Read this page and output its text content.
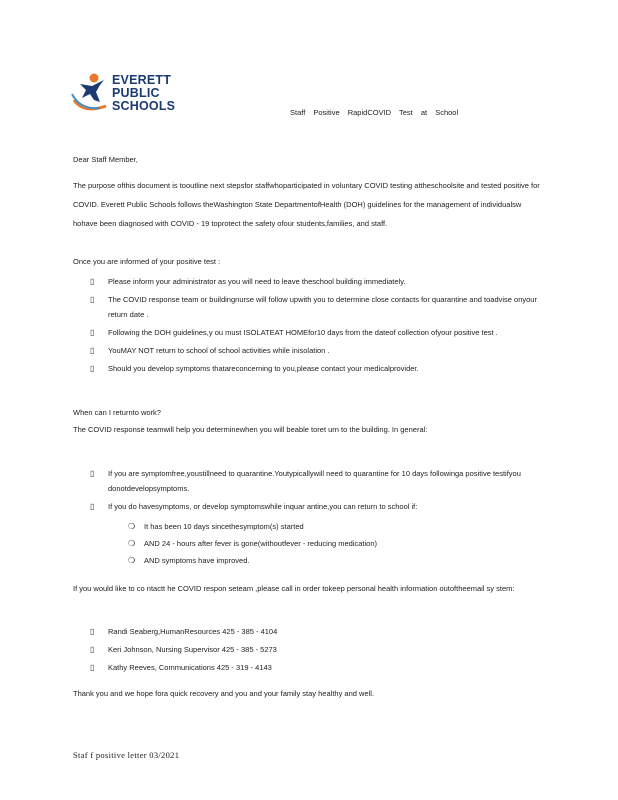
EVERETT
PUBLIC
SCHOOLS	Staff Positive RapidCOVID Test at School
Dear Staff Member,
The purpose ofthis document is tooutline next stepsfor staffwhoparticipated in voluntary COVID testing attheschoolsite and tested positive for COVID. Everett Public Schools follows theWashington State DepartmentofHealth (DOH) guidelines for the management of individualsw hohave been diagnosed with COVID - 19 toprotect the safety ofour students,families, and staff.
Once you are informed of your positive test :
▯ Please inform your administrator as you will need to leave theschool building immediately.
▯ The COVID response team or buildingnurse will follow upwith you to determine close contacts for quarantine and toadvise onyour return date .
▯ Following the DOH guidelines,y ou must ISOLATEAT HOMEfor10 days from the dateof collection ofyour positive test .
▯ YouMAY NOT return to school of school activities while inisolation .
▯ Should you develop symptoms thatareconcerning to you,please contact your medicalprovider.
When can I returnto work?
The COVID response teamwill help you determinewhen you will beable toret urn to the building. In general:
▯ If you are symptomfree,youstillneed to quarantine.Youtypicallywill need to quarantine for 10 days followinga positive testifyou donotdevelopsymptoms.
▯ If you do havesymptoms, or develop symptomswhile inquar antine,you can return to school if:
❍ It has been 10 days sincethesymptom(s) started
❍ AND 24 - hours after fever is gone(withoutfever - reducing medication)
❍ AND symptoms have improved.
If you would like to co ntactt he COVID respon seteam ,please call in order tokeep personal health information outoftheemail sy stem:
▯ Randi Seaberg,HumanResources 425 - 385 - 4104
▯ Keri Johnson, Nursing Supervisor 425 - 385 - 5273
▯ Kathy Reeves, Communications 425 - 319 - 4143
Thank you and we hope fora quick recovery and you and your family stay healthy and well.
Staf f positive letter 03/2021
